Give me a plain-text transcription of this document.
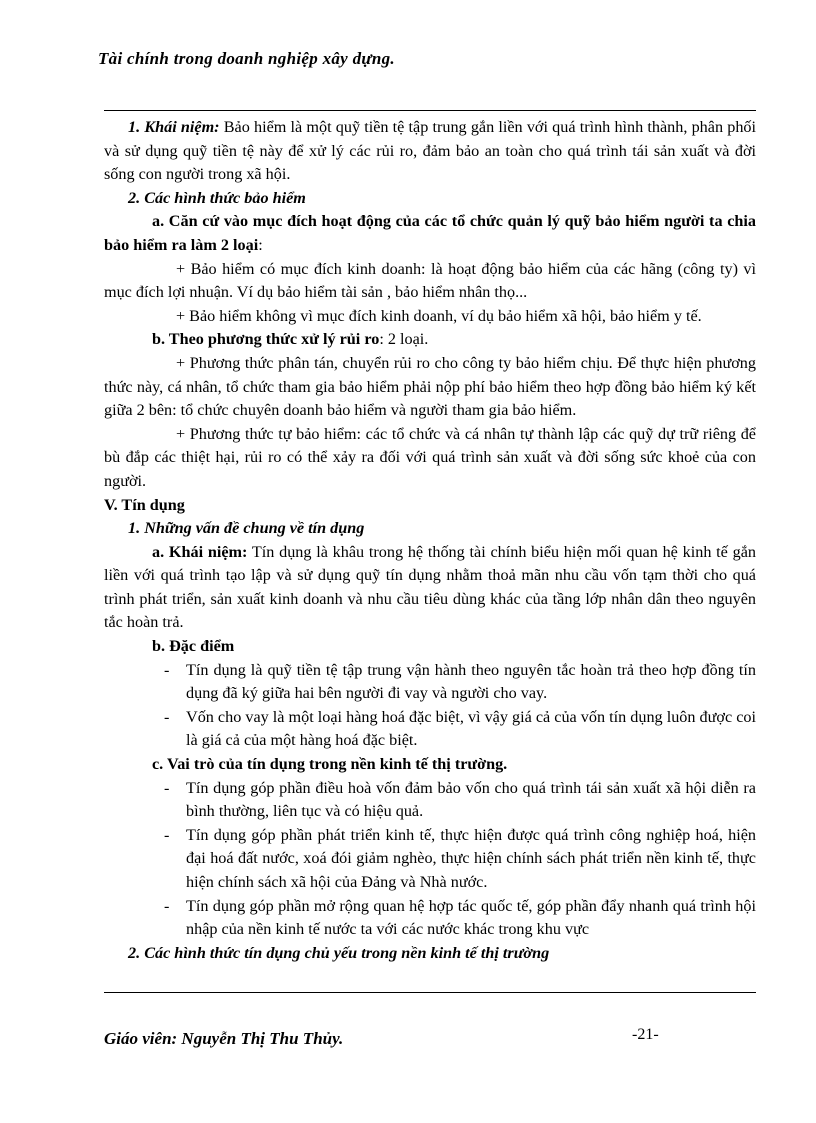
Tài chính trong doanh nghiệp xây dựng.

1. Khái niệm: Bảo hiểm là một quỹ tiền tệ tập trung gắn liền với quá trình hình thành, phân phối và sử dụng quỹ tiền tệ này để xử lý các rủi ro, đảm bảo an toàn cho quá trình tái sản xuất và đời sống con người trong xã hội.

2. Các hình thức bảo hiểm

a. Căn cứ vào mục đích hoạt động của các tổ chức quản lý quỹ bảo hiểm người ta chia bảo hiểm ra làm 2 loại:

+ Bảo hiểm có mục đích kinh doanh: là hoạt động bảo hiểm của các hãng (công ty) vì mục đích lợi nhuận. Ví dụ bảo hiểm tài sản , bảo hiểm nhân thọ...

+ Bảo hiểm không vì mục đích kinh doanh, ví dụ bảo hiểm xã hội, bảo hiểm y tế.

b. Theo phương thức xử lý rủi ro: 2 loại.

+ Phương thức phân tán, chuyển rủi ro cho công ty bảo hiểm chịu. Để thực hiện phương thức này, cá nhân, tổ chức tham gia bảo hiểm phải nộp phí bảo hiểm theo hợp đồng bảo hiểm ký kết giữa 2 bên: tổ chức chuyên doanh bảo hiểm và người tham gia bảo hiểm.

+ Phương thức tự bảo hiểm: các tổ chức và cá nhân tự thành lập các quỹ dự trữ riêng để bù đắp các thiệt hại, rủi ro có thể xảy ra đối với quá trình sản xuất và đời sống sức khoẻ của con người.

V. Tín dụng

1. Những vấn đề chung về tín dụng

a. Khái niệm: Tín dụng là khâu trong hệ thống tài chính biểu hiện mối quan hệ kinh tế gắn liền với quá trình tạo lập và sử dụng quỹ tín dụng nhằm thoả mãn nhu cầu vốn tạm thời cho quá trình phát triển, sản xuất kinh doanh và nhu cầu tiêu dùng khác của tầng lớp nhân dân theo nguyên tắc hoàn trả.

b. Đặc điểm

- Tín dụng là quỹ tiền tệ tập trung vận hành theo nguyên tắc hoàn trả theo hợp đồng tín dụng đã ký giữa hai bên người đi vay và người cho vay.
- Vốn cho vay là một loại hàng hoá đặc biệt, vì vậy giá cả của vốn tín dụng luôn được coi là giá cả của một hàng hoá đặc biệt.

c. Vai trò của tín dụng trong nền kinh tế thị trường.

- Tín dụng góp phần điều hoà vốn đảm bảo vốn cho quá trình tái sản xuất xã hội diễn ra bình thường, liên tục và có hiệu quả.
- Tín dụng góp phần phát triển kinh tế, thực hiện được quá trình công nghiệp hoá, hiện đại hoá đất nước, xoá đói giảm nghèo, thực hiện chính sách phát triển nền kinh tế, thực hiện chính sách xã hội của Đảng và Nhà nước.
- Tín dụng góp phần mở rộng quan hệ hợp tác quốc tế, góp phần đẩy nhanh quá trình hội nhập của nền kinh tế nước ta với các nước khác trong khu vực

2. Các hình thức tín dụng chủ yếu trong nền kinh tế thị trường

Giáo viên: Nguyễn Thị Thu Thủy.	-21-
